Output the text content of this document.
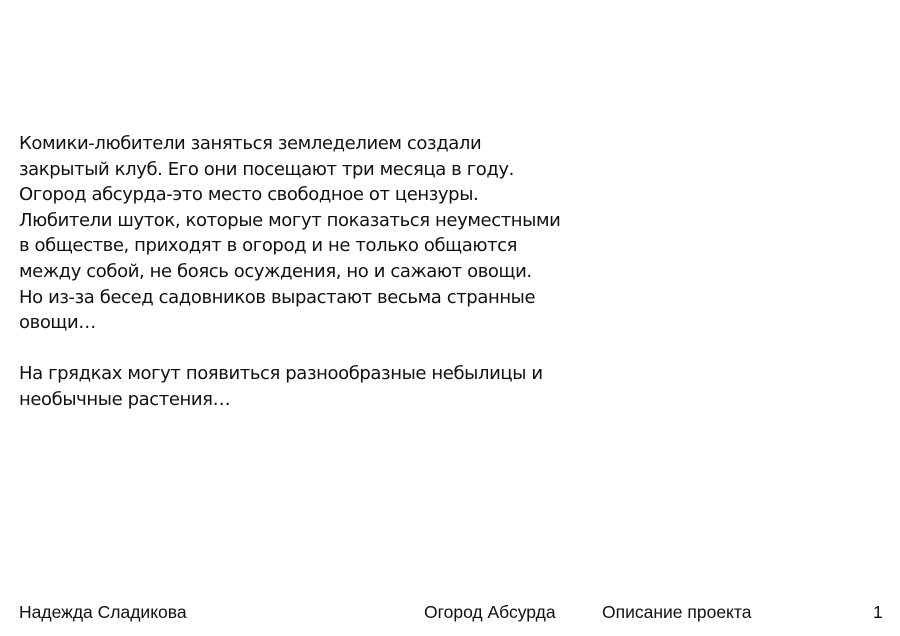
Комики-любители заняться земледелием создали
закрытый клуб. Его они посещают три месяца в году.
Огород абсурда-это место свободное от цензуры.
Любители шуток, которые могут показаться неуместными
в обществе, приходят в огород и не только общаются
между собой, не боясь осуждения, но и сажают овощи.
Но из-за бесед садовников вырастают весьма странные
овощи…

На грядках могут появиться разнообразные небылицы и
необычные растения…

Надежда Сладикова	Огород Абсурда	Описание проекта	1
